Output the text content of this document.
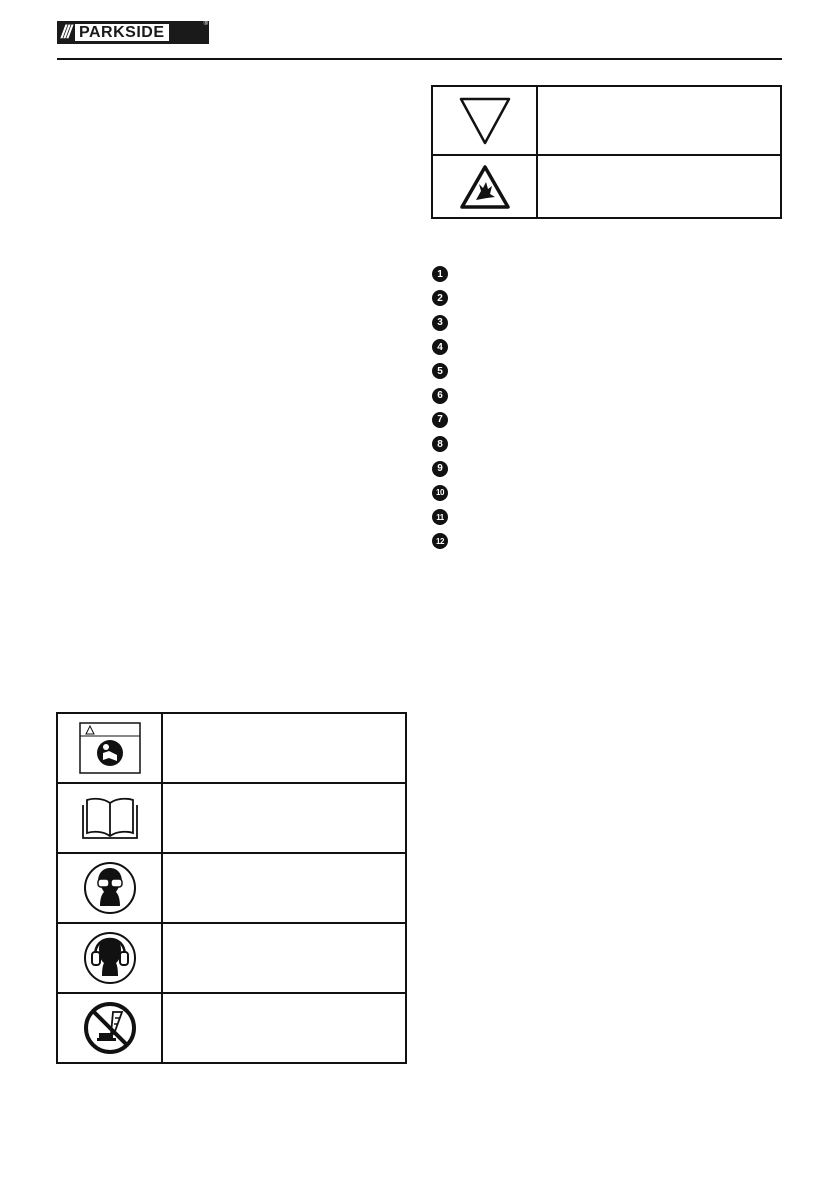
/// PARKSIDE	®

1
2
3
4
5
6
7
8
9
10
11
12
